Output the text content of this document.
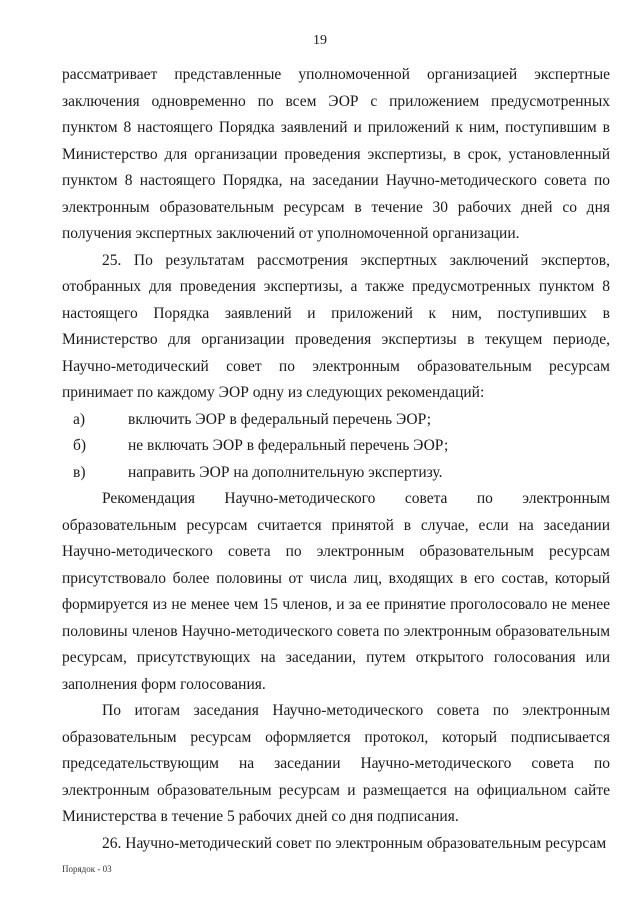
19

рассматривает представленные уполномоченной организацией экспертные заключения одновременно по всем ЭОР с приложением предусмотренных пунктом 8 настоящего Порядка заявлений и приложений к ним, поступившим в Министерство для организации проведения экспертизы, в срок, установленный пунктом 8 настоящего Порядка, на заседании Научно-методического совета по электронным образовательным ресурсам в течение 30 рабочих дней со дня получения экспертных заключений от уполномоченной организации.

25. По результатам рассмотрения экспертных заключений экспертов, отобранных для проведения экспертизы, а также предусмотренных пунктом 8 настоящего Порядка заявлений и приложений к ним, поступивших в Министерство для организации проведения экспертизы в текущем периоде, Научно-методический совет по электронным образовательным ресурсам принимает по каждому ЭОР одну из следующих рекомендаций:

а)	включить ЭОР в федеральный перечень ЭОР;
б)	не включать ЭОР в федеральный перечень ЭОР;
в)	направить ЭОР на дополнительную экспертизу.

Рекомендация Научно-методического совета по электронным образовательным ресурсам считается принятой в случае, если на заседании Научно-методического совета по электронным образовательным ресурсам присутствовало более половины от числа лиц, входящих в его состав, который формируется из не менее чем 15 членов, и за ее принятие проголосовало не менее половины членов Научно-методического совета по электронным образовательным ресурсам, присутствующих на заседании, путем открытого голосования или заполнения форм голосования.

По итогам заседания Научно-методического совета по электронным образовательным ресурсам оформляется протокол, который подписывается председательствующим на заседании Научно-методического совета по электронным образовательным ресурсам и размещается на официальном сайте Министерства в течение 5 рабочих дней со дня подписания.

26. Научно-методический совет по электронным образовательным ресурсам

Порядок - 03
